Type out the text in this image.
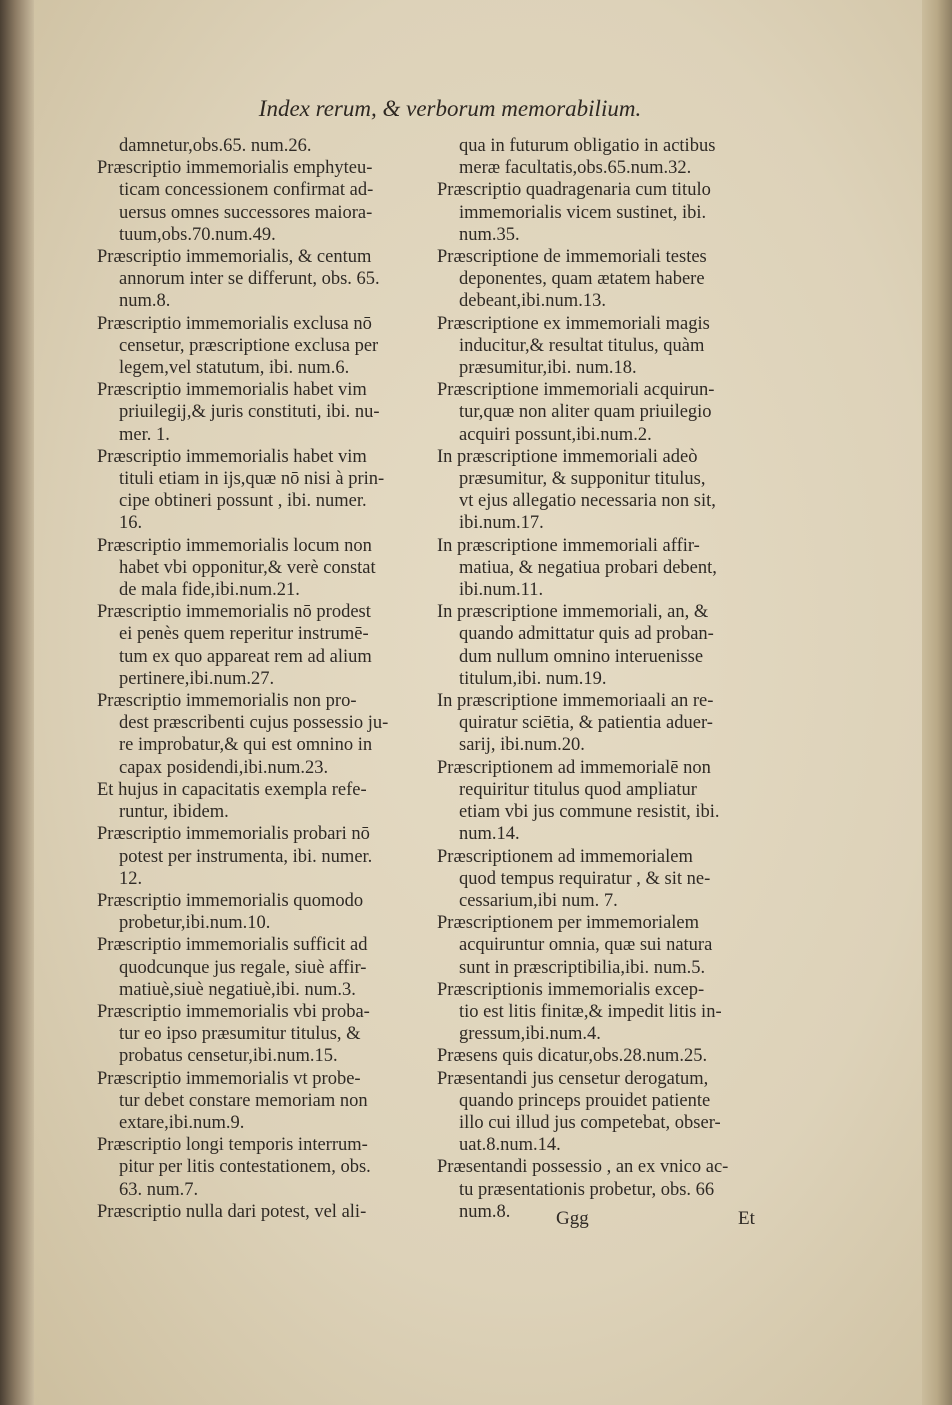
Index rerum, & verborum memorabilium.

damnetur,obs.65. num.26.

Præscriptio immemorialis emphyteu-
ticam concessionem confirmat ad-
uersus omnes successores maiora-
tuum,obs.70.num.49.

Præscriptio immemorialis, & centum
annorum inter se differunt, obs. 65.
num.8.

Præscriptio immemorialis exclusa nō
censetur, præscriptione exclusa per
legem,vel statutum, ibi. num.6.

Præscriptio immemorialis habet vim
priuilegij,& juris constituti, ibi. nu-
mer. 1.

Præscriptio immemorialis habet vim
tituli etiam in ijs,quæ nō nisi à prin-
cipe obtineri possunt , ibi. numer.
16.

Præscriptio immemorialis locum non
habet vbi opponitur,& verè constat
de mala fide,ibi.num.21.

Præscriptio immemorialis nō prodest
ei penès quem reperitur instrumē-
tum ex quo appareat rem ad alium
pertinere,ibi.num.27.

Præscriptio immemorialis non pro-
dest præscribenti cujus possessio ju-
re improbatur,& qui est omnino in
capax posidendi,ibi.num.23.

Et hujus in capacitatis exempla refe-
runtur, ibidem.

Præscriptio immemorialis probari nō
potest per instrumenta, ibi. numer.
12.

Præscriptio immemorialis quomodo
probetur,ibi.num.10.

Præscriptio immemorialis sufficit ad
quodcunque jus regale, siuè affir-
matiuè,siuè negatiuè,ibi. num.3.

Præscriptio immemorialis vbi proba-
tur eo ipso præsumitur titulus, &
probatus censetur,ibi.num.15.

Præscriptio immemorialis vt probe-
tur debet constare memoriam non
extare,ibi.num.9.

Præscriptio longi temporis interrum-
pitur per litis contestationem, obs.
63. num.7.

Præscriptio nulla dari potest, vel ali-

qua in futurum obligatio in actibus
meræ facultatis,obs.65.num.32.

Præscriptio quadragenaria cum titulo
immemorialis vicem sustinet, ibi.
num.35.

Præscriptione de immemoriali testes
deponentes, quam ætatem habere
debeant,ibi.num.13.

Præscriptione ex immemoriali magis
inducitur,& resultat titulus, quàm
præsumitur,ibi. num.18.

Præscriptione immemoriali acquirun-
tur,quæ non aliter quam priuilegio
acquiri possunt,ibi.num.2.

In præscriptione immemoriali adeò
præsumitur, & supponitur titulus,
vt ejus allegatio necessaria non sit,
ibi.num.17.

In præscriptione immemoriali affir-
matiua, & negatiua probari debent,
ibi.num.11.

In præscriptione immemoriali, an, &
quando admittatur quis ad proban-
dum nullum omnino interuenisse
titulum,ibi. num.19.

In præscriptione immemoriaali an re-
quiratur sciētia, & patientia aduer-
sarij, ibi.num.20.

Præscriptionem ad immemorialē non
requiritur titulus quod ampliatur
etiam vbi jus commune resistit, ibi.
num.14.

Præscriptionem ad immemorialem
quod tempus requiratur , & sit ne-
cessarium,ibi num. 7.

Præscriptionem per immemorialem
acquiruntur omnia, quæ sui natura
sunt in præscriptibilia,ibi. num.5.

Præscriptionis immemorialis excep-
tio est litis finitæ,& impedit litis in-
gressum,ibi.num.4.

Præsens quis dicatur,obs.28.num.25.

Præsentandi jus censetur derogatum,
quando princeps prouidet patiente
illo cui illud jus competebat, obser-
uat.8.num.14.

Præsentandi possessio , an ex vnico ac-
tu præsentationis probetur, obs. 66
num.8.	Ggg	Et
